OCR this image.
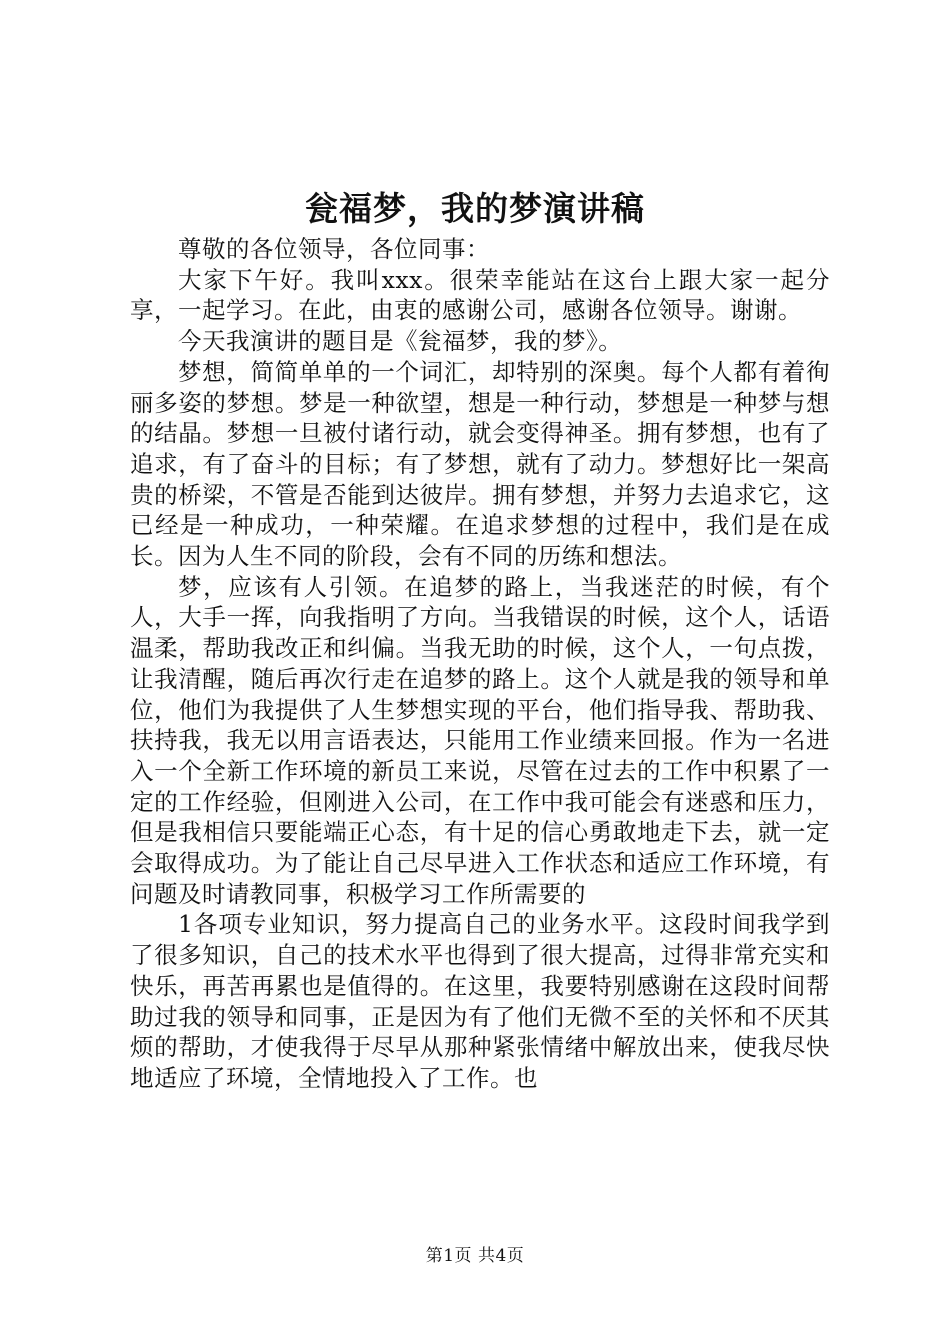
瓮福梦，我的梦演讲稿

尊敬的各位领导，各位同事：

大家下午好。我叫xxx。很荣幸能站在这台上跟大家一起分享，一起学习。在此，由衷的感谢公司，感谢各位领导。谢谢。

今天我演讲的题目是《瓮福梦，我的梦》。

梦想，简简单单的一个词汇，却特别的深奥。每个人都有着徇丽多姿的梦想。梦是一种欲望，想是一种行动，梦想是一种梦与想的结晶。梦想一旦被付诸行动，就会变得神圣。拥有梦想，也有了追求，有了奋斗的目标；有了梦想，就有了动力。梦想好比一架高贵的桥梁，不管是否能到达彼岸。拥有梦想，并努力去追求它，这已经是一种成功，一种荣耀。在追求梦想的过程中，我们是在成长。因为人生不同的阶段，会有不同的历练和想法。

梦，应该有人引领。在追梦的路上，当我迷茫的时候，有个人，大手一挥，向我指明了方向。当我错误的时候，这个人，话语温柔，帮助我改正和纠偏。当我无助的时候，这个人，一句点拨，让我清醒，随后再次行走在追梦的路上。这个人就是我的领导和单位，他们为我提供了人生梦想实现的平台，他们指导我、帮助我、扶持我，我无以用言语表达，只能用工作业绩来回报。作为一名进入一个全新工作环境的新员工来说，尽管在过去的工作中积累了一定的工作经验，但刚进入公司，在工作中我可能会有迷惑和压力，但是我相信只要能端正心态，有十足的信心勇敢地走下去，就一定会取得成功。为了能让自己尽早进入工作状态和适应工作环境，有问题及时请教同事，积极学习工作所需要的

1各项专业知识，努力提高自己的业务水平。这段时间我学到了很多知识，自己的技术水平也得到了很大提高，过得非常充实和快乐，再苦再累也是值得的。在这里，我要特别感谢在这段时间帮助过我的领导和同事，正是因为有了他们无微不至的关怀和不厌其烦的帮助，才使我得于尽早从那种紧张情绪中解放出来，使我尽快地适应了环境，全情地投入了工作。也

第1页 共4页
